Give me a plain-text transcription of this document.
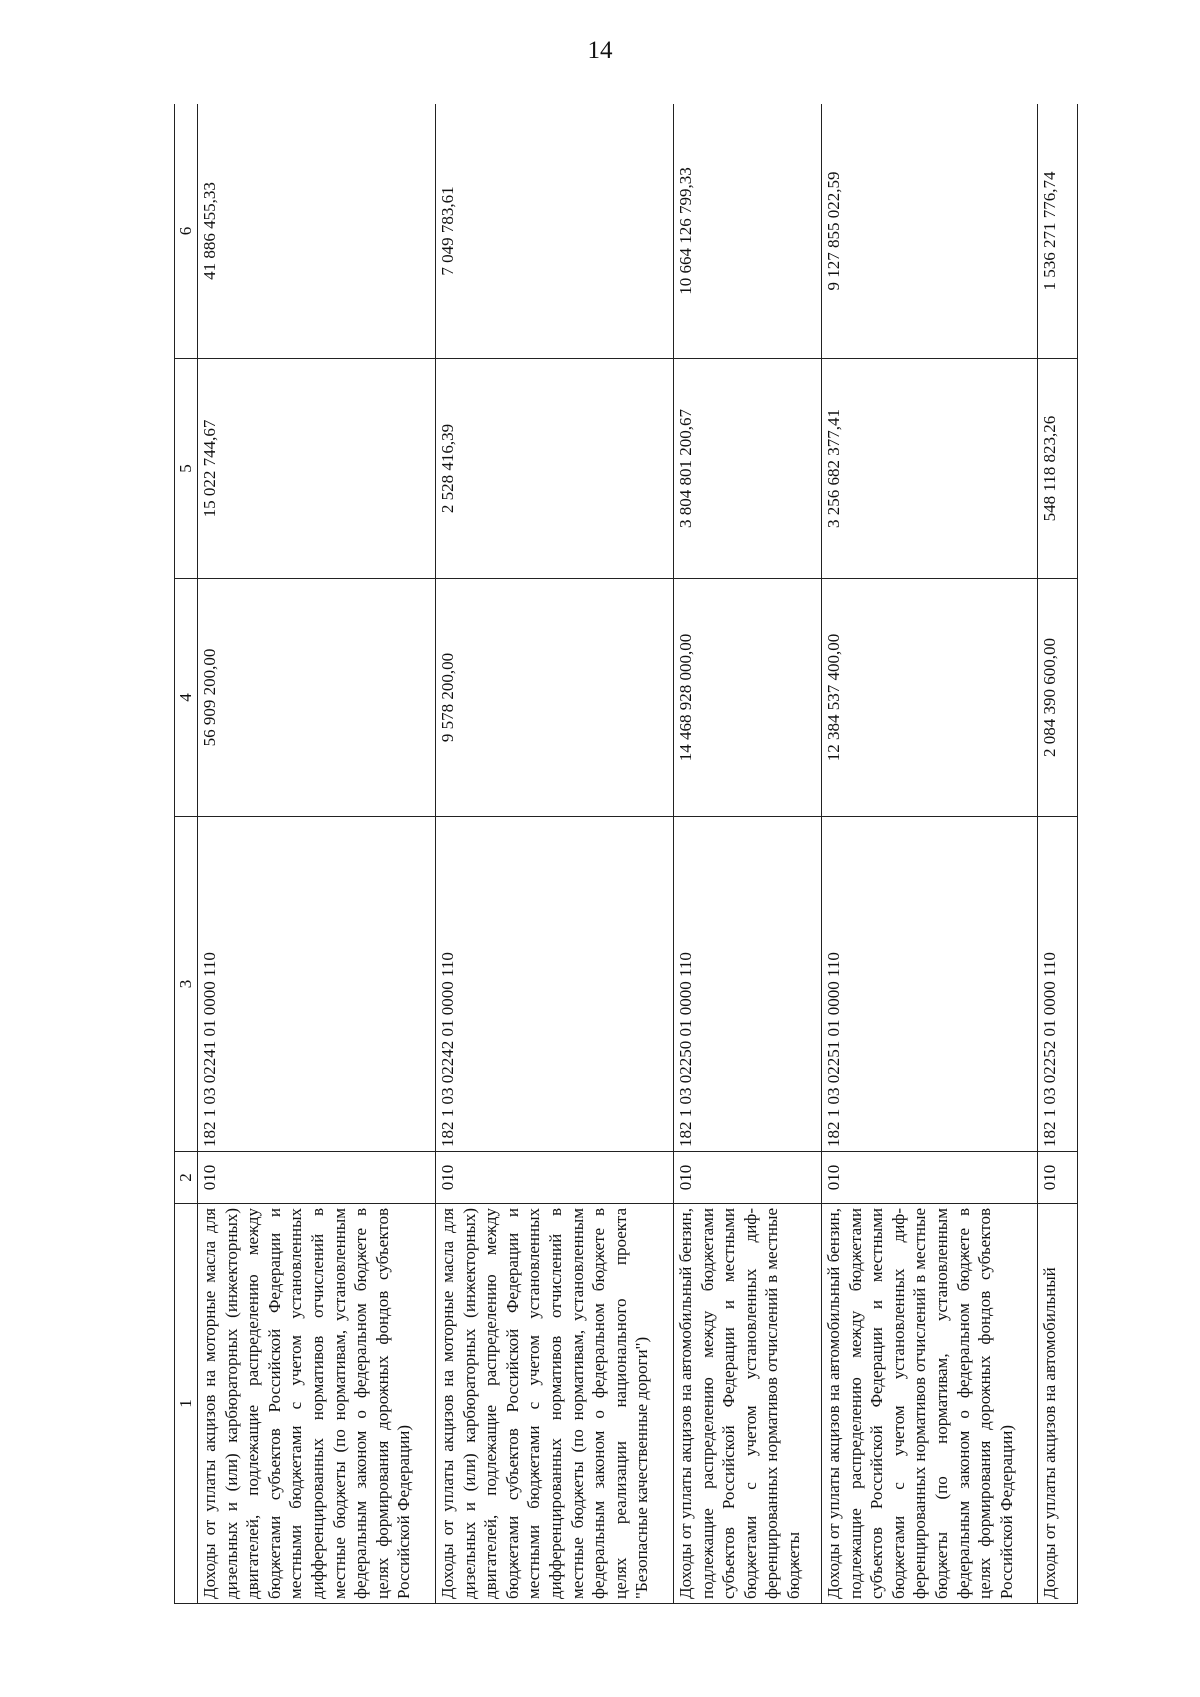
14
1	2	3	4	5	6
Доходы от уплаты акцизов на моторные масла для дизельных и (или) карбюраторных (инжекторных) двигателей, подлежащие распределению между бюджетами субъектов Российской Федерации и местными бюджетами с учетом установленных дифференцированных нормативов отчислений в местные бюджеты (по нормативам, установленным федеральным законом о федеральном бюджете в целях формирования дорожных фондов субъектов Российской Федерации)	010	182 1 03 02241 01 0000 110	56 909 200,00	15 022 744,67	41 886 455,33
Доходы от уплаты акцизов на моторные масла для дизельных и (или) карбюраторных (инжекторных) двигателей, подлежащие распределению между бюджетами субъектов Российской Федерации и местными бюджетами с учетом установленных дифференцированных нормативов отчислений в местные бюджеты (по нормативам, установленным федеральным законом о федеральном бюджете в целях реализации национального проекта "Безопасные качественные дороги")	010	182 1 03 02242 01 0000 110	9 578 200,00	2 528 416,39	7 049 783,61
Доходы от уплаты акцизов на автомобильный бензин, подлежащие распределению между бюджетами субъектов Российской Федерации и местными бюджетами с учетом установленных дифференцированных нормативов отчислений в местные бюджеты	010	182 1 03 02250 01 0000 110	14 468 928 000,00	3 804 801 200,67	10 664 126 799,33
Доходы от уплаты акцизов на автомобильный бензин, подлежащие распределению между бюджетами субъектов Российской Федерации и местными бюджетами с учетом установленных дифференцированных нормативов отчислений в местные бюджеты (по нормативам, установленным федеральным законом о федеральном бюджете в целях формирования дорожных фондов субъектов Российской Федерации)	010	182 1 03 02251 01 0000 110	12 384 537 400,00	3 256 682 377,41	9 127 855 022,59
Доходы от уплаты акцизов на автомобильный	010	182 1 03 02252 01 0000 110	2 084 390 600,00	548 118 823,26	1 536 271 776,74
